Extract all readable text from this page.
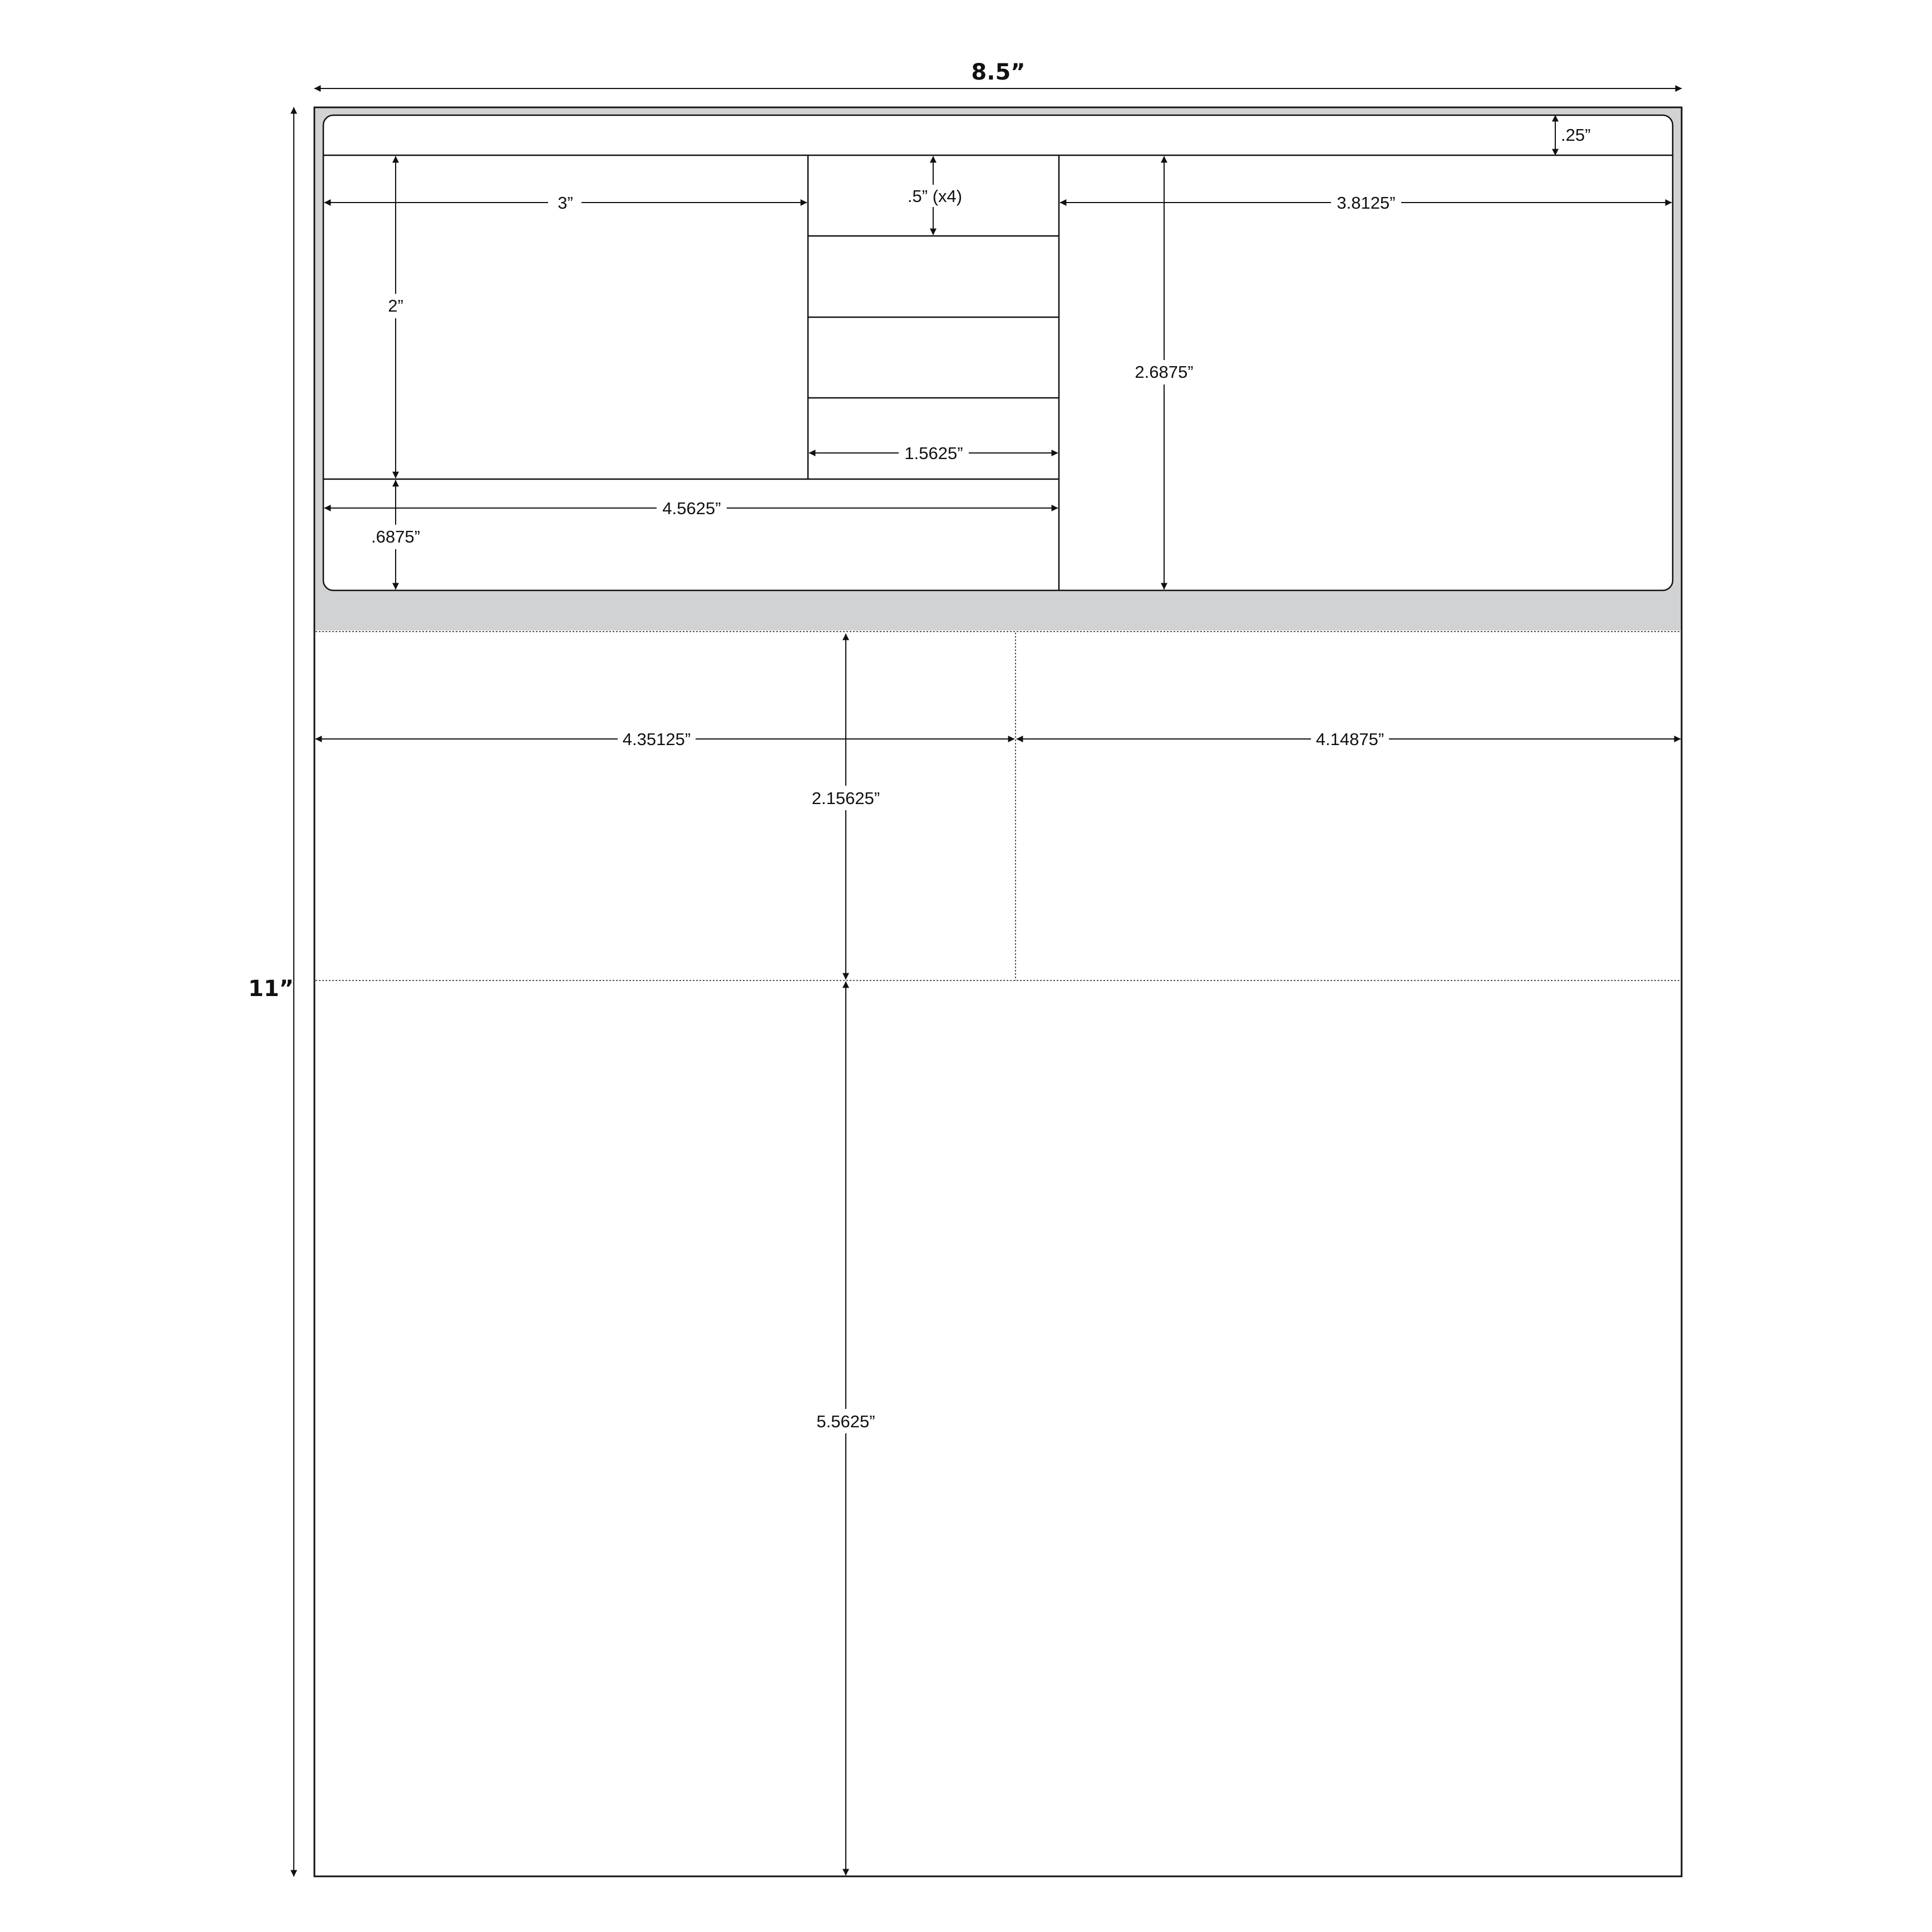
8.5”
11”
.25”
3”
2”
.5” (x4)
1.5625”
4.5625”
.6875”
3.8125”
2.6875”
4.35125”	4.14875”
2.15625”
5.5625”
